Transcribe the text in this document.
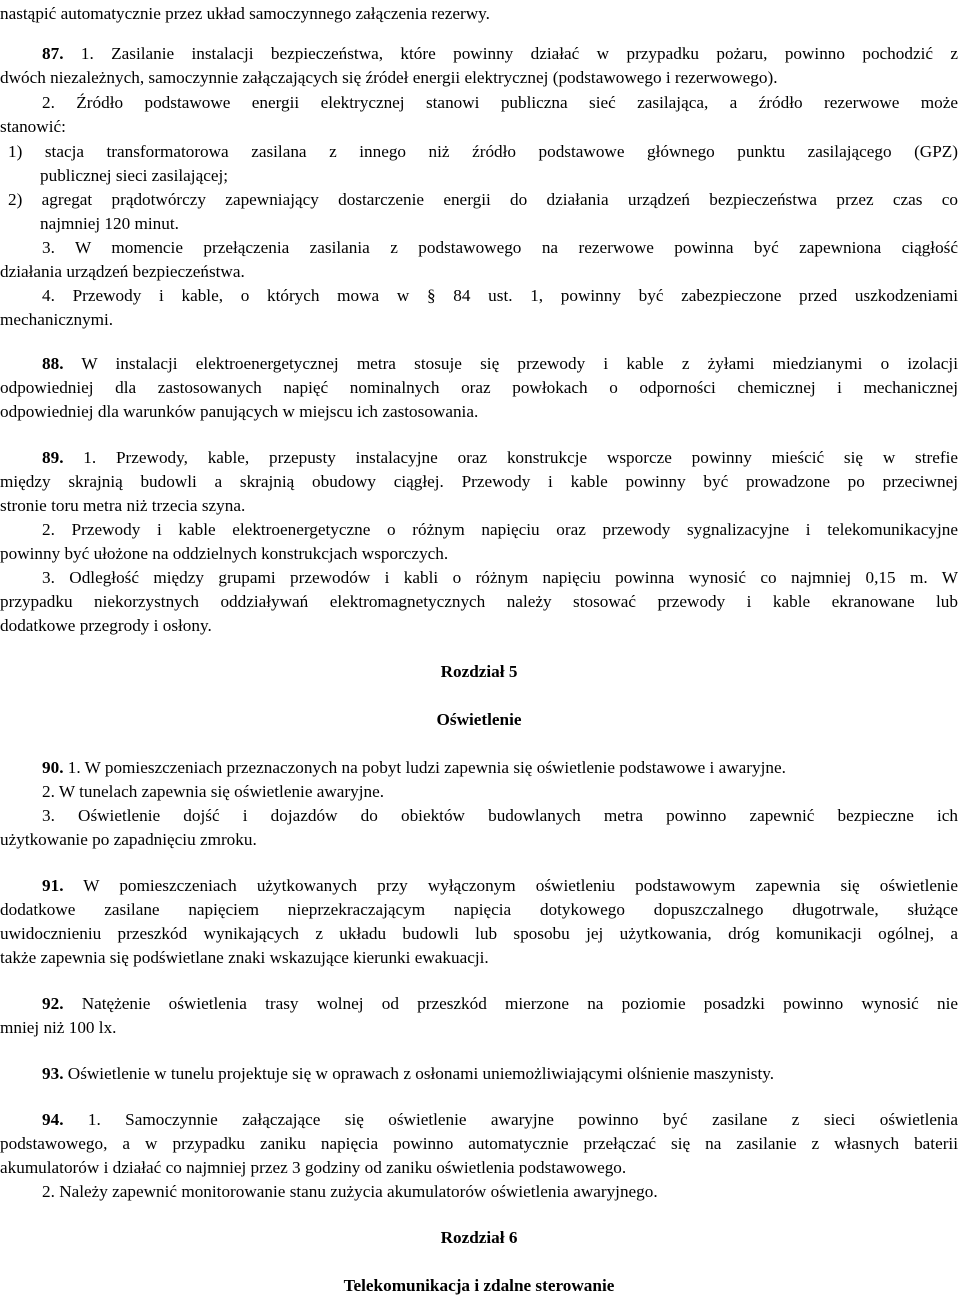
nastąpić automatycznie przez układ samoczynnego załączenia rezerwy.
87. 1. Zasilanie instalacji bezpieczeństwa, które powinny działać w przypadku pożaru, powinno pochodzić z
dwóch niezależnych, samoczynnie załączających się źródeł energii elektrycznej (podstawowego i rezerwowego).
2. Źródło podstawowe energii elektrycznej stanowi publiczna sieć zasilająca, a źródło rezerwowe może
stanowić:
1) stacja transformatorowa zasilana z innego niż źródło podstawowe głównego punktu zasilającego (GPZ)
publicznej sieci zasilającej;
2) agregat prądotwórczy zapewniający dostarczenie energii do działania urządzeń bezpieczeństwa przez czas co
najmniej 120 minut.
3. W momencie przełączenia zasilania z podstawowego na rezerwowe powinna być zapewniona ciągłość
działania urządzeń bezpieczeństwa.
4. Przewody i kable, o których mowa w § 84 ust. 1, powinny być zabezpieczone przed uszkodzeniami
mechanicznymi.
88. W instalacji elektroenergetycznej metra stosuje się przewody i kable z żyłami miedzianymi o izolacji
odpowiedniej dla zastosowanych napięć nominalnych oraz powłokach o odporności chemicznej i mechanicznej
odpowiedniej dla warunków panujących w miejscu ich zastosowania.
89. 1. Przewody, kable, przepusty instalacyjne oraz konstrukcje wsporcze powinny mieścić się w strefie
między skrajnią budowli a skrajnią obudowy ciągłej. Przewody i kable powinny być prowadzone po przeciwnej
stronie toru metra niż trzecia szyna.
2. Przewody i kable elektroenergetyczne o różnym napięciu oraz przewody sygnalizacyjne i telekomunikacyjne
powinny być ułożone na oddzielnych konstrukcjach wsporczych.
3. Odległość między grupami przewodów i kabli o różnym napięciu powinna wynosić co najmniej 0,15 m. W
przypadku niekorzystnych oddziaływań elektromagnetycznych należy stosować przewody i kable ekranowane lub
dodatkowe przegrody i osłony.
Rozdział 5
Oświetlenie
90. 1. W pomieszczeniach przeznaczonych na pobyt ludzi zapewnia się oświetlenie podstawowe i awaryjne.
2. W tunelach zapewnia się oświetlenie awaryjne.
3. Oświetlenie dojść i dojazdów do obiektów budowlanych metra powinno zapewnić bezpieczne ich
użytkowanie po zapadnięciu zmroku.
91. W pomieszczeniach użytkowanych przy wyłączonym oświetleniu podstawowym zapewnia się oświetlenie
dodatkowe zasilane napięciem nieprzekraczającym napięcia dotykowego dopuszczalnego długotrwale, służące
uwidocznieniu przeszkód wynikających z układu budowli lub sposobu jej użytkowania, dróg komunikacji ogólnej, a
także zapewnia się podświetlane znaki wskazujące kierunki ewakuacji.
92. Natężenie oświetlenia trasy wolnej od przeszkód mierzone na poziomie posadzki powinno wynosić nie
mniej niż 100 lx.
93. Oświetlenie w tunelu projektuje się w oprawach z osłonami uniemożliwiającymi olśnienie maszynisty.
94. 1. Samoczynnie załączające się oświetlenie awaryjne powinno być zasilane z sieci oświetlenia
podstawowego, a w przypadku zaniku napięcia powinno automatycznie przełączać się na zasilanie z własnych baterii
akumulatorów i działać co najmniej przez 3 godziny od zaniku oświetlenia podstawowego.
2. Należy zapewnić monitorowanie stanu zużycia akumulatorów oświetlenia awaryjnego.
Rozdział 6
Telekomunikacja i zdalne sterowanie
